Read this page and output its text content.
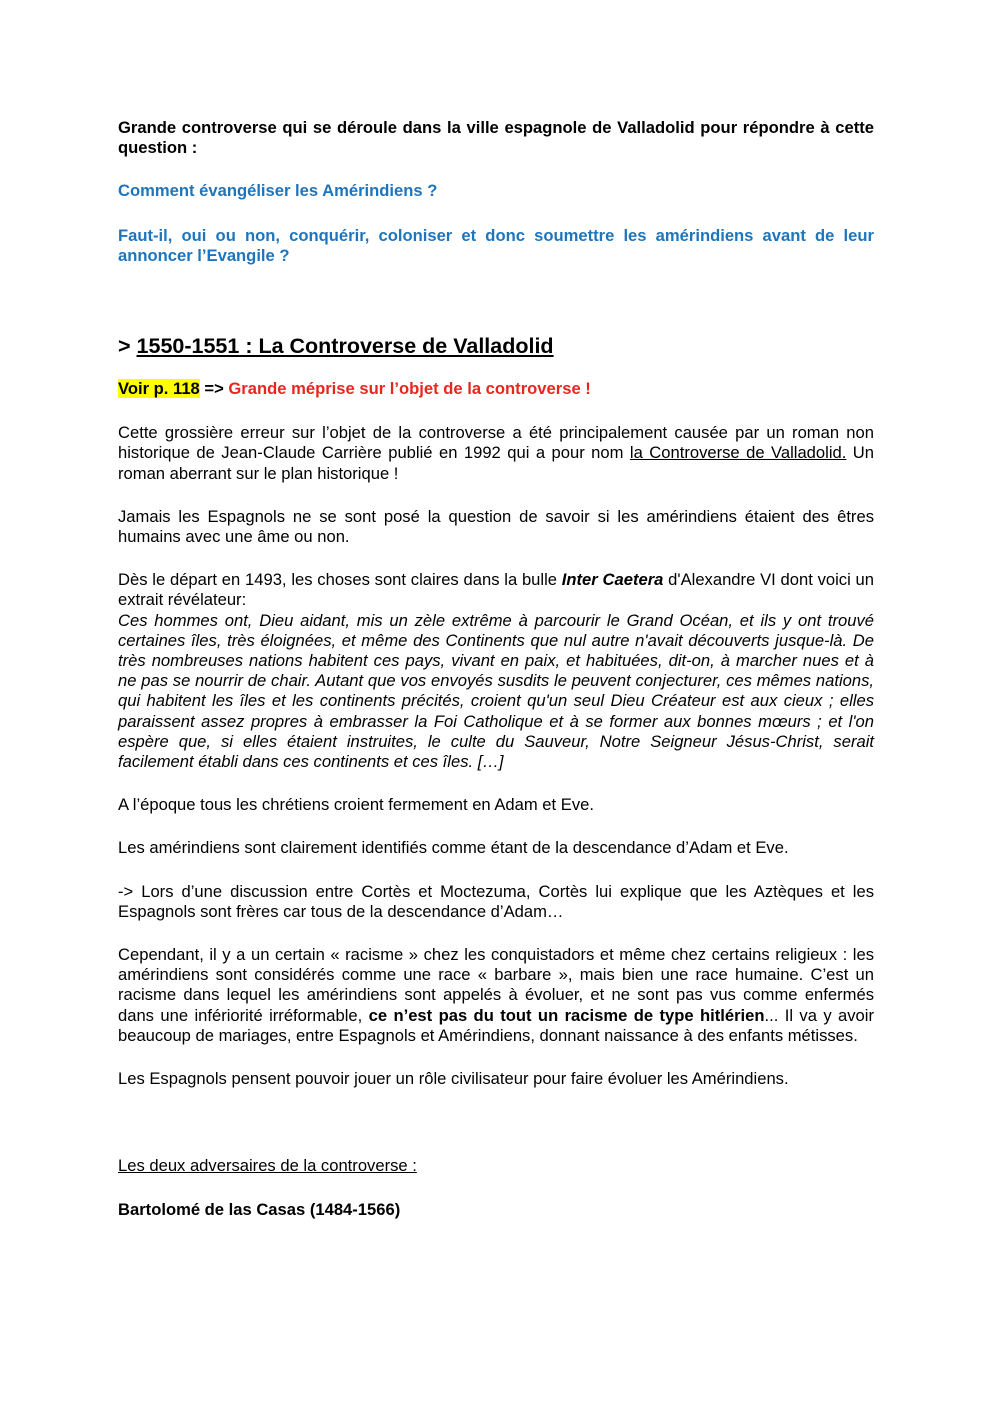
Grande controverse qui se déroule dans la ville espagnole de Valladolid pour répondre à cette question :

Comment évangéliser les Amérindiens ?

Faut-il, oui ou non, conquérir, coloniser et donc soumettre les amérindiens avant de leur annoncer l’Evangile ?

> 1550-1551 : La Controverse de Valladolid

Voir p. 118 => Grande méprise sur l’objet de la controverse !

Cette grossière erreur sur l’objet de la controverse a été principalement causée par un roman non historique de Jean-Claude Carrière publié en 1992 qui a pour nom la Controverse de Valladolid. Un roman aberrant sur le plan historique !

Jamais les Espagnols ne se sont posé la question de savoir si les amérindiens étaient des êtres humains avec une âme ou non.

Dès le départ en 1493, les choses sont claires dans la bulle Inter Caetera d'Alexandre VI dont voici un extrait révélateur:

Ces hommes ont, Dieu aidant, mis un zèle extrême à parcourir le Grand Océan, et ils y ont trouvé certaines îles, très éloignées, et même des Continents que nul autre n'avait découverts jusque-là. De très nombreuses nations habitent ces pays, vivant en paix, et habituées, dit-on, à marcher nues et à ne pas se nourrir de chair. Autant que vos envoyés susdits le peuvent conjecturer, ces mêmes nations, qui habitent les îles et les continents précités, croient qu'un seul Dieu Créateur est aux cieux ; elles paraissent assez propres à embrasser la Foi Catholique et à se former aux bonnes mœurs ; et l'on espère que, si elles étaient instruites, le culte du Sauveur, Notre Seigneur Jésus-Christ, serait facilement établi dans ces continents et ces îles. […]

A l’époque tous les chrétiens croient fermement en Adam et Eve.

Les amérindiens sont clairement identifiés comme étant de la descendance d’Adam et Eve.

-> Lors d’une discussion entre Cortès et Moctezuma, Cortès lui explique que les Aztèques et les Espagnols sont frères car tous de la descendance d’Adam…

Cependant, il y a un certain « racisme » chez les conquistadors et même chez certains religieux : les amérindiens sont considérés comme une race « barbare », mais bien une race humaine. C’est un racisme dans lequel les amérindiens sont appelés à évoluer, et ne sont pas vus comme enfermés dans une infériorité irréformable, ce n’est pas du tout un racisme de type hitlérien... Il va y avoir beaucoup de mariages, entre Espagnols et Amérindiens, donnant naissance à des enfants métisses.

Les Espagnols pensent pouvoir jouer un rôle civilisateur pour faire évoluer les Amérindiens.

Les deux adversaires de la controverse :

Bartolomé de las Casas (1484-1566)
